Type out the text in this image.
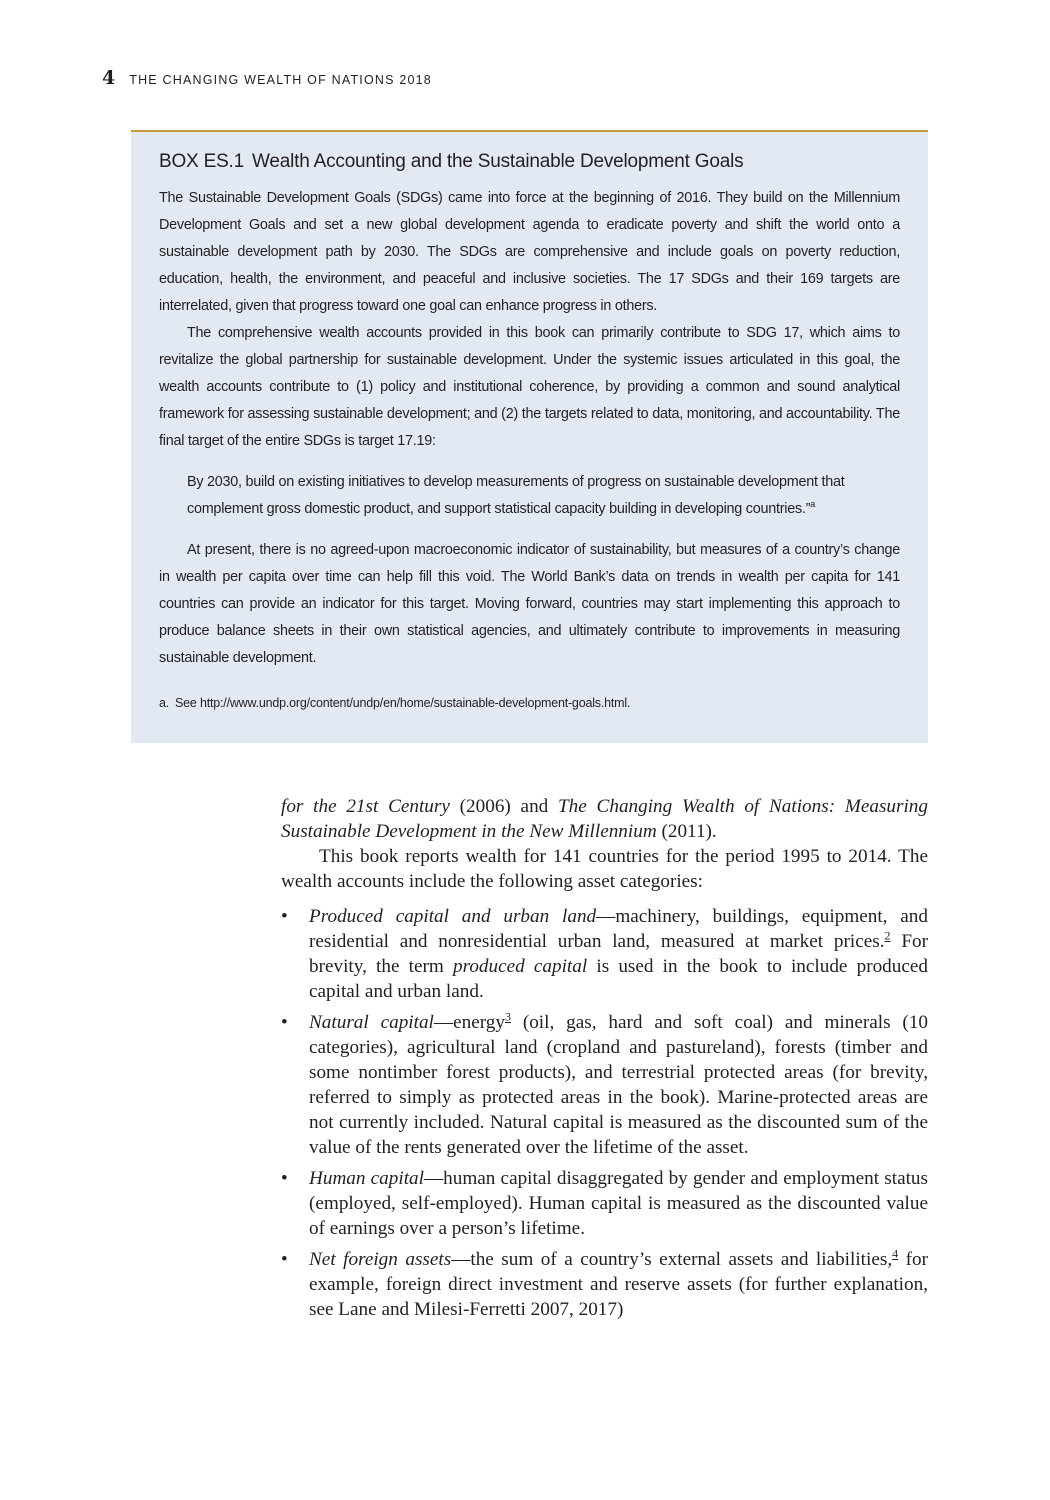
4 THE CHANGING WEALTH OF NATIONS 2018
BOX ES.1 Wealth Accounting and the Sustainable Development Goals

The Sustainable Development Goals (SDGs) came into force at the beginning of 2016. They build on the Millennium Development Goals and set a new global development agenda to eradicate poverty and shift the world onto a sustainable development path by 2030. The SDGs are comprehensive and include goals on poverty reduction, education, health, the environment, and peaceful and inclusive societies. The 17 SDGs and their 169 targets are interrelated, given that progress toward one goal can enhance progress in others.

The comprehensive wealth accounts provided in this book can primarily contribute to SDG 17, which aims to revitalize the global partnership for sustainable development. Under the systemic issues articulated in this goal, the wealth accounts contribute to (1) policy and institutional coherence, by providing a common and sound analytical framework for assessing sustainable development; and (2) the targets related to data, monitoring, and accountability. The final target of the entire SDGs is target 17.19:

By 2030, build on existing initiatives to develop measurements of progress on sustainable development that complement gross domestic product, and support statistical capacity building in developing countries.”$^a$

At present, there is no agreed-upon macroeconomic indicator of sustainability, but measures of a country’s change in wealth per capita over time can help fill this void. The World Bank’s data on trends in wealth per capita for 141 countries can provide an indicator for this target. Moving forward, countries may start implementing this approach to produce balance sheets in their own statistical agencies, and ultimately contribute to improvements in measuring sustainable development.

a. See http://www.undp.org/content/undp/en/home/sustainable-development-goals.html.

for the 21st Century (2006) and The Changing Wealth of Nations: Measuring Sustainable Development in the New Millennium (2011).

This book reports wealth for 141 countries for the period 1995 to 2014. The wealth accounts include the following asset categories:

• Produced capital and urban land—machinery, buildings, equipment, and residential and nonresidential urban land, measured at market prices.$^2$ For brevity, the term produced capital is used in the book to include produced capital and urban land.
• Natural capital—energy$^3$ (oil, gas, hard and soft coal) and minerals (10 categories), agricultural land (cropland and pastureland), forests (timber and some nontimber forest products), and terrestrial protected areas (for brevity, referred to simply as protected areas in the book). Marine-protected areas are not currently included. Natural capital is measured as the discounted sum of the value of the rents generated over the lifetime of the asset.
• Human capital—human capital disaggregated by gender and employment status (employed, self-employed). Human capital is measured as the discounted value of earnings over a person’s lifetime.
• Net foreign assets—the sum of a country’s external assets and liabilities,$^4$ for example, foreign direct investment and reserve assets (for further explanation, see Lane and Milesi-Ferretti 2007, 2017)
